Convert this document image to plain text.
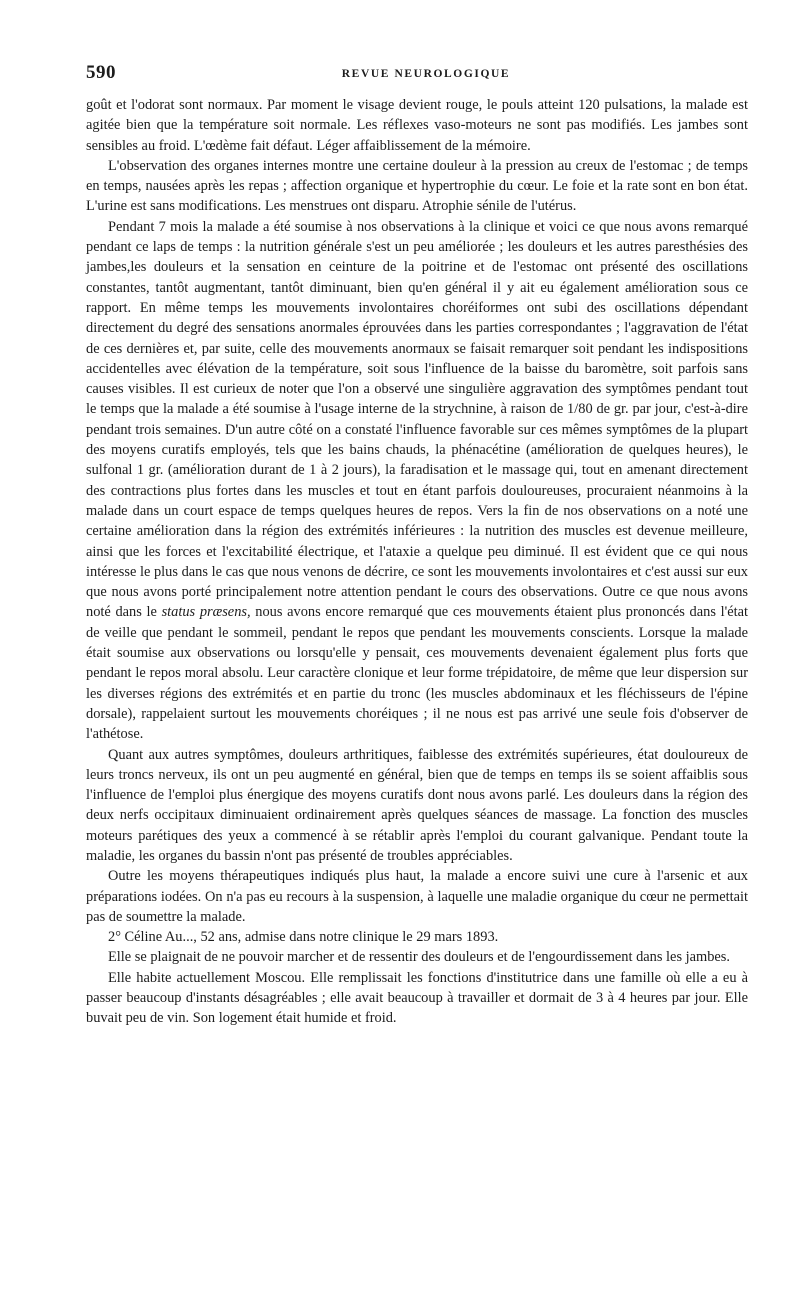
590	REVUE NEUROLOGIQUE

goût et l'odorat sont normaux. Par moment le visage devient rouge, le pouls atteint 120 pulsations, la malade est agitée bien que la température soit normale. Les réflexes vaso-moteurs ne sont pas modifiés. Les jambes sont sensibles au froid. L'œdème fait défaut. Léger affaiblissement de la mémoire.

L'observation des organes internes montre une certaine douleur à la pression au creux de l'estomac ; de temps en temps, nausées après les repas ; affection organique et hypertrophie du cœur. Le foie et la rate sont en bon état. L'urine est sans modifications. Les menstrues ont disparu. Atrophie sénile de l'utérus.

Pendant 7 mois la malade a été soumise à nos observations à la clinique et voici ce que nous avons remarqué pendant ce laps de temps : la nutrition générale s'est un peu améliorée ; les douleurs et les autres paresthésies des jambes,les douleurs et la sensation en ceinture de la poitrine et de l'estomac ont présenté des oscillations constantes, tantôt augmentant, tantôt diminuant, bien qu'en général il y ait eu également amélioration sous ce rapport. En même temps les mouvements involontaires choréiformes ont subi des oscillations dépendant directement du degré des sensations anormales éprouvées dans les parties correspondantes ; l'aggravation de l'état de ces dernières et, par suite, celle des mouvements anormaux se faisait remarquer soit pendant les indispositions accidentelles avec élévation de la température, soit sous l'influence de la baisse du baromètre, soit parfois sans causes visibles. Il est curieux de noter que l'on a observé une singulière aggravation des symptômes pendant tout le temps que la malade a été soumise à l'usage interne de la strychnine, à raison de 1/80 de gr. par jour, c'est-à-dire pendant trois semaines. D'un autre côté on a constaté l'influence favorable sur ces mêmes symptômes de la plupart des moyens curatifs employés, tels que les bains chauds, la phénacétine (amélioration de quelques heures), le sulfonal 1 gr. (amélioration durant de 1 à 2 jours), la faradisation et le massage qui, tout en amenant directement des contractions plus fortes dans les muscles et tout en étant parfois douloureuses, procuraient néanmoins à la malade dans un court espace de temps quelques heures de repos. Vers la fin de nos observations on a noté une certaine amélioration dans la région des extrémités inférieures : la nutrition des muscles est devenue meilleure, ainsi que les forces et l'excitabilité électrique, et l'ataxie a quelque peu diminué. Il est évident que ce qui nous intéresse le plus dans le cas que nous venons de décrire, ce sont les mouvements involontaires et c'est aussi sur eux que nous avons porté principalement notre attention pendant le cours des observations. Outre ce que nous avons noté dans le status præsens, nous avons encore remarqué que ces mouvements étaient plus prononcés dans l'état de veille que pendant le sommeil, pendant le repos que pendant les mouvements conscients. Lorsque la malade était soumise aux observations ou lorsqu'elle y pensait, ces mouvements devenaient également plus forts que pendant le repos moral absolu. Leur caractère clonique et leur forme trépidatoire, de même que leur dispersion sur les diverses régions des extrémités et en partie du tronc (les muscles abdominaux et les fléchisseurs de l'épine dorsale), rappelaient surtout les mouvements choréiques ; il ne nous est pas arrivé une seule fois d'observer de l'athétose.

Quant aux autres symptômes, douleurs arthritiques, faiblesse des extrémités supérieures, état douloureux de leurs troncs nerveux, ils ont un peu augmenté en général, bien que de temps en temps ils se soient affaiblis sous l'influence de l'emploi plus énergique des moyens curatifs dont nous avons parlé. Les douleurs dans la région des deux nerfs occipitaux diminuaient ordinairement après quelques séances de massage. La fonction des muscles moteurs parétiques des yeux a commencé à se rétablir après l'emploi du courant galvanique. Pendant toute la maladie, les organes du bassin n'ont pas présenté de troubles appréciables.

Outre les moyens thérapeutiques indiqués plus haut, la malade a encore suivi une cure à l'arsenic et aux préparations iodées. On n'a pas eu recours à la suspension, à laquelle une maladie organique du cœur ne permettait pas de soumettre la malade.

2° Céline Au..., 52 ans, admise dans notre clinique le 29 mars 1893.

Elle se plaignait de ne pouvoir marcher et de ressentir des douleurs et de l'engourdissement dans les jambes.

Elle habite actuellement Moscou. Elle remplissait les fonctions d'institutrice dans une famille où elle a eu à passer beaucoup d'instants désagréables ; elle avait beaucoup à travailler et dormait de 3 à 4 heures par jour. Elle buvait peu de vin. Son logement était humide et froid.
